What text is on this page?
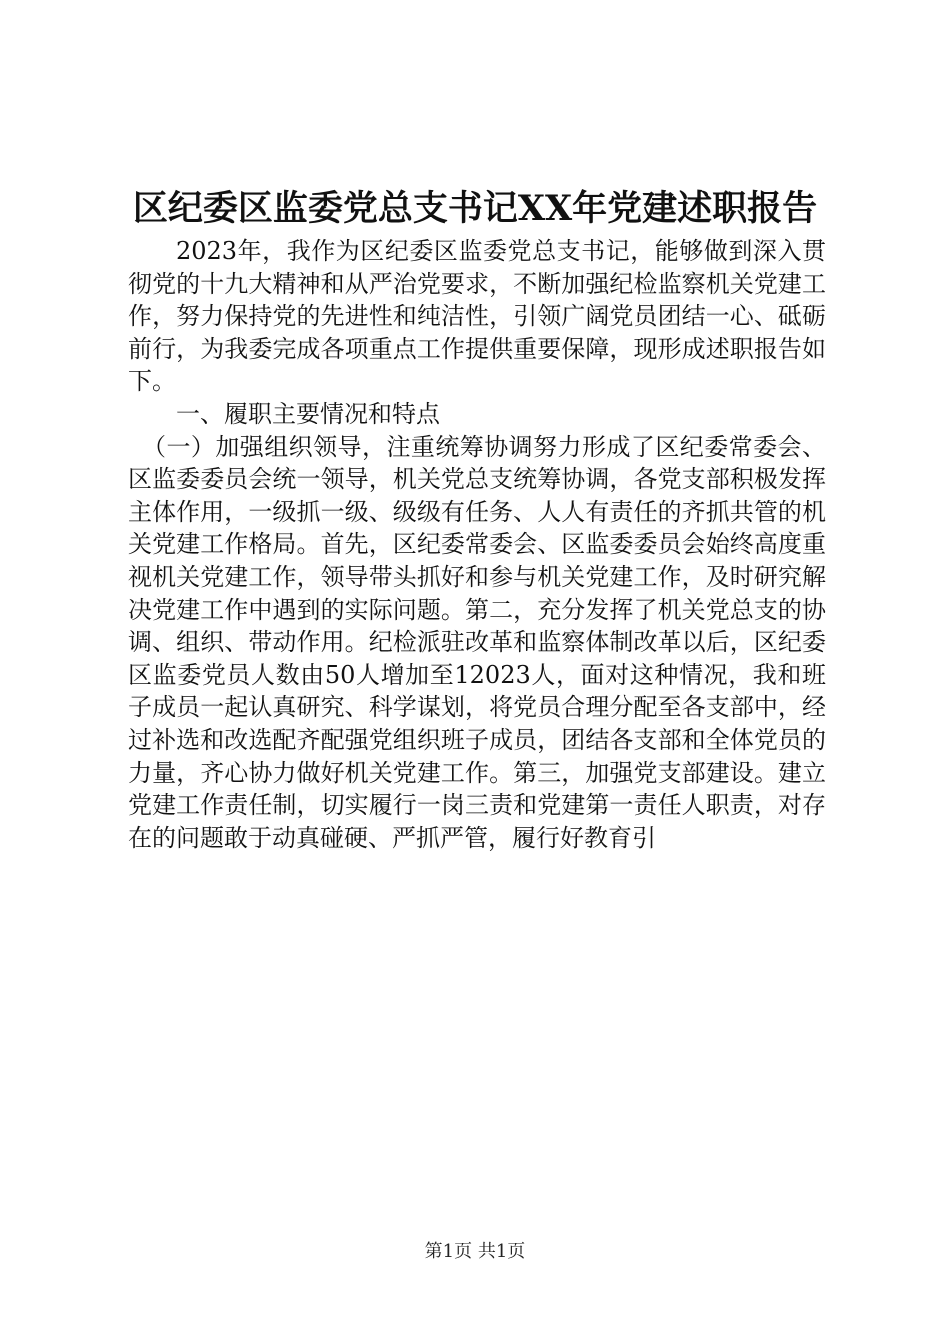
区纪委区监委党总支书记XX年党建述职报告

2023年，我作为区纪委区监委党总支书记，能够做到深入贯彻党的十九大精神和从严治党要求，不断加强纪检监察机关党建工作，努力保持党的先进性和纯洁性，引领广阔党员团结一心、砥砺前行，为我委完成各项重点工作提供重要保障，现形成述职报告如下。

一、履职主要情况和特点

（一）加强组织领导，注重统筹协调努力形成了区纪委常委会、区监委委员会统一领导，机关党总支统筹协调，各党支部积极发挥主体作用，一级抓一级、级级有任务、人人有责任的齐抓共管的机关党建工作格局。首先，区纪委常委会、区监委委员会始终高度重视机关党建工作，领导带头抓好和参与机关党建工作，及时研究解决党建工作中遇到的实际问题。第二，充分发挥了机关党总支的协调、组织、带动作用。纪检派驻改革和监察体制改革以后，区纪委区监委党员人数由50人增加至12023人，面对这种情况，我和班子成员一起认真研究、科学谋划，将党员合理分配至各支部中，经过补选和改选配齐配强党组织班子成员，团结各支部和全体党员的力量，齐心协力做好机关党建工作。第三，加强党支部建设。建立党建工作责任制，切实履行一岗三责和党建第一责任人职责，对存在的问题敢于动真碰硬、严抓严管，履行好教育引

第1页 共1页
